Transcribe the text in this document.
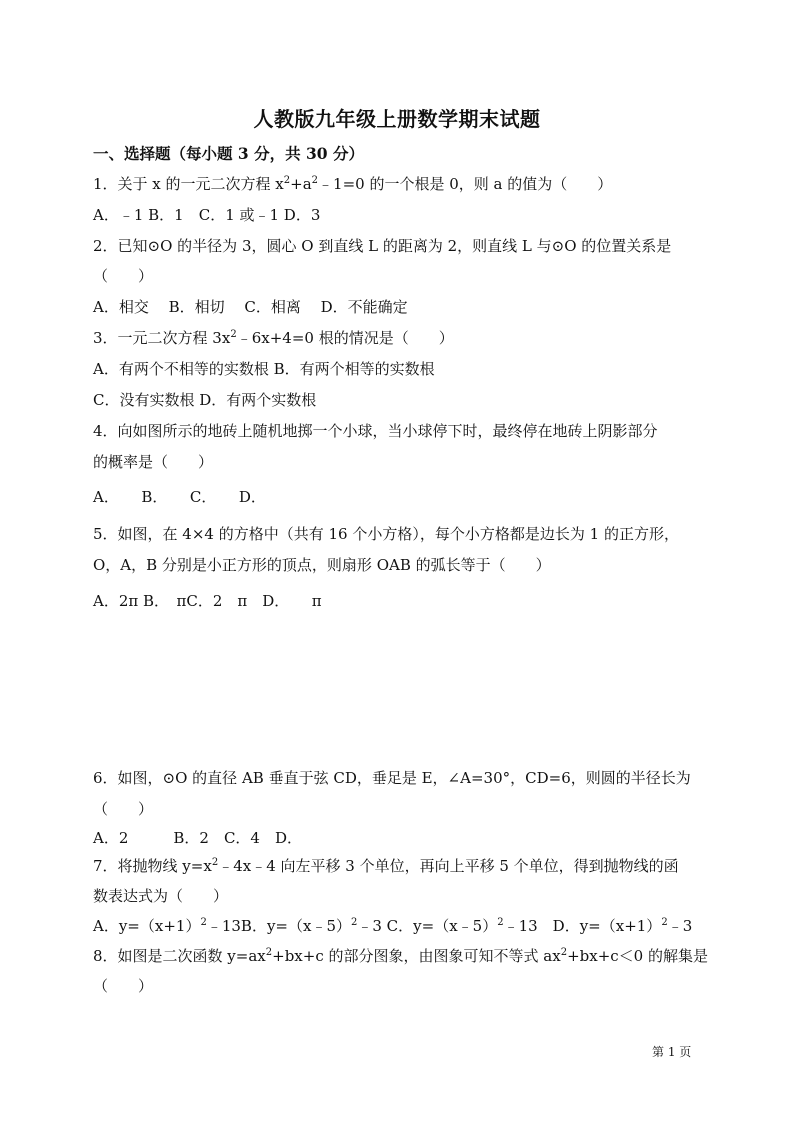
人教版九年级上册数学期末试题
一、选择题（每小题 3 分，共 30 分）
1．关于 x 的一元二次方程 $x^2+a^2﹣1=0$ 的一个根是 0，则 a 的值为（　　）
A．﹣1 B．1　C．1 或﹣1 D．3
2．已知⊙O 的半径为 3，圆心 O 到直线 L 的距离为 2，则直线 L 与⊙O 的位置关系是
（　　）
A．相交　 B．相切　 C．相离　 D．不能确定
3．一元二次方程 $3x^2﹣6x+4=0$ 根的情况是（　　）
A．有两个不相等的实数根 B．有两个相等的实数根
C．没有实数根 D．有两个实数根
4．向如图所示的地砖上随机地掷一个小球，当小球停下时，最终停在地砖上阴影部分
的概率是（　　）
A．　　B．　　C．　　D．
5．如图，在 4×4 的方格中（共有 16 个小方格），每个小方格都是边长为 1 的正方形，
O，A，B 分别是小正方形的顶点，则扇形 OAB 的弧长等于（　　）
A．2π B．　πC．2　π　D．　　π
6．如图，⊙O 的直径 AB 垂直于弦 CD，垂足是 E，∠A=30°，CD=6，则圆的半径长为
（　　）
A．2　　　B．2　C．4　D．
7．将抛物线 $y=x^2﹣4x﹣4$ 向左平移 3 个单位，再向上平移 5 个单位，得到抛物线的函
数表达式为（　　）
A．$y=(x+1)^2﹣13B$．y=（x﹣5）$^2$﹣3 C．y=（x﹣5）$^2$﹣13　D．$y=(x+1)^2﹣3$
8．如图是二次函数 $y=ax^2+bx+c$ 的部分图象，由图象可知不等式 $ax^2+bx+c<0$ 的解集是
（　　）
第 1 页
